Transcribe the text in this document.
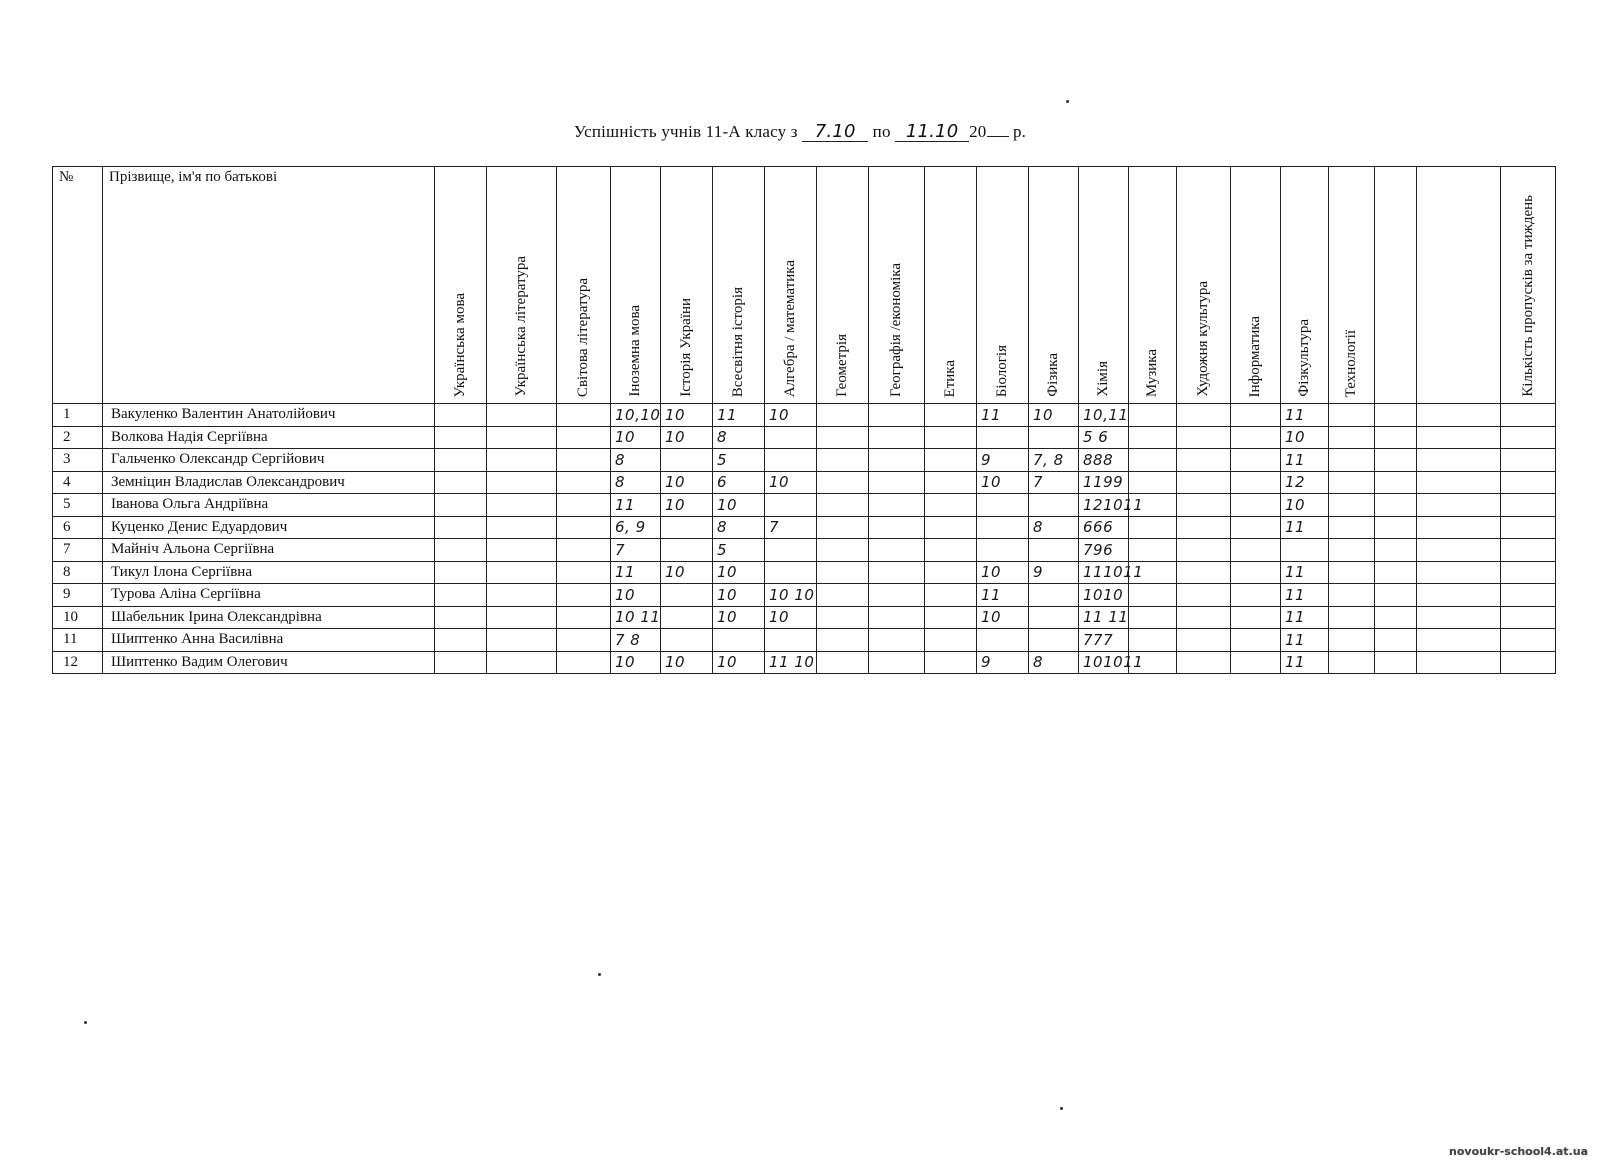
Успішність учнів 11-А класу з 7.10 по 11.10 20 р.
№	Прізвище, ім'я по батькові	Українська мова	Українська література	Світова література	Іноземна мова	Історія України	Всесвітня історія	Алгебра / математика	Геометрія	Географія /економіка	Етика	Біологія	Фізика	Хімія	Музика	Художня культура	Інформатика	Фізкультура	Технології			Кількість пропусків за тиждень

1	Вакуленко Валентин Анатолійович				10,10	10	11	10				11	10	10,11				11				
2	Волкова Надія Сергіївна				10	10	8							5 6				10				
3	Гальченко Олександр Сергійович				8		5					9	7, 8	888				11				
4	Земніцин Владислав Олександрович				8	10	6	10				10	7	1199				12				
5	Іванова Ольга Андріївна				11	10	10							121011				10				
6	Куценко Денис Едуардович				6, 9		8	7					8	666				11				
7	Майніч Альона Сергіївна				7		5							796								
8	Тикул Ілона Сергіївна				11	10	10					10	9	111011				11				
9	Турова Аліна Сергіївна				10		10	10 10				11		1010				11				
10	Шабельник Ірина Олександрівна				10 11		10	10				10		11 11				11				
11	Шиптенко Анна Василівна				7 8									777				11				
12	Шиптенко Вадим Олегович				10	10	10	11 10				9	8	101011				11				
novoukr-school4.at.ua
